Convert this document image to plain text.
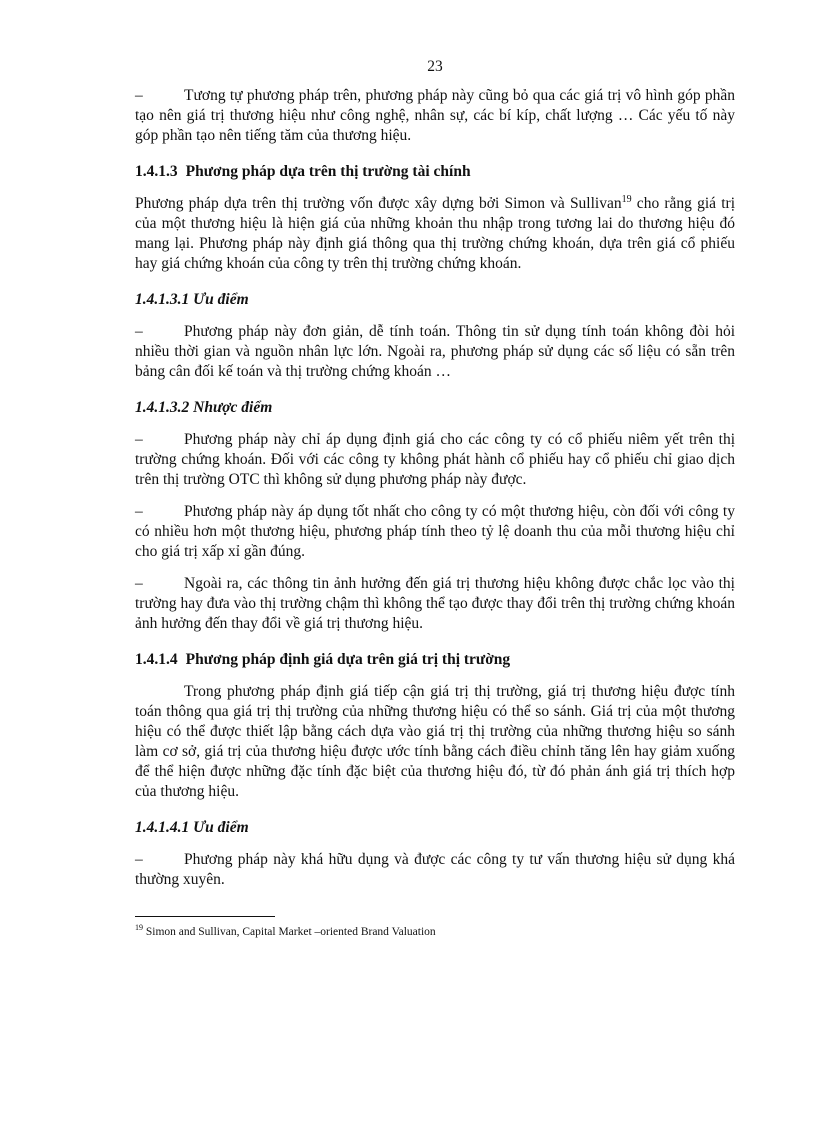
23

–	Tương tự phương pháp trên, phương pháp này cũng bỏ qua các giá trị vô hình góp phần tạo nên giá trị thương hiệu như công nghệ, nhân sự, các bí kíp, chất lượng … Các yếu tố này góp phần tạo nên tiếng tăm của thương hiệu.

1.4.1.3 Phương pháp dựa trên thị trường tài chính

Phương pháp dựa trên thị trường vốn được xây dựng bởi Simon và Sullivan$^{19}$ cho rằng giá trị của một thương hiệu là hiện giá của những khoản thu nhập trong tương lai do thương hiệu đó mang lại. Phương pháp này định giá thông qua thị trường chứng khoán, dựa trên giá cổ phiếu hay giá chứng khoán của công ty trên thị trường chứng khoán.

1.4.1.3.1 Ưu điểm

–	Phương pháp này đơn giản, dễ tính toán. Thông tin sử dụng tính toán không đòi hỏi nhiều thời gian và nguồn nhân lực lớn. Ngoài ra, phương pháp sử dụng các số liệu có sẵn trên bảng cân đối kế toán và thị trường chứng khoán …

1.4.1.3.2 Nhược điểm

–	Phương pháp này chỉ áp dụng định giá cho các công ty có cổ phiếu niêm yết trên thị trường chứng khoán. Đối với các công ty không phát hành cổ phiếu hay cổ phiếu chỉ giao dịch trên thị trường OTC thì không sử dụng phương pháp này được.

–	Phương pháp này áp dụng tốt nhất cho công ty có một thương hiệu, còn đối với công ty có nhiều hơn một thương hiệu, phương pháp tính theo tỷ lệ doanh thu của mỗi thương hiệu chỉ cho giá trị xấp xỉ gần đúng.

–	Ngoài ra, các thông tin ảnh hưởng đến giá trị thương hiệu không được chắc lọc vào thị trường hay đưa vào thị trường chậm thì không thể tạo được thay đổi trên thị trường chứng khoán ảnh hưởng đến thay đổi về giá trị thương hiệu.

1.4.1.4 Phương pháp định giá dựa trên giá trị thị trường

Trong phương pháp định giá tiếp cận giá trị thị trường, giá trị thương hiệu được tính toán thông qua giá trị thị trường của những thương hiệu có thể so sánh. Giá trị của một thương hiệu có thể được thiết lập bằng cách dựa vào giá trị thị trường của những thương hiệu so sánh làm cơ sở, giá trị của thương hiệu được ước tính bằng cách điều chỉnh tăng lên hay giảm xuống để thể hiện được những đặc tính đặc biệt của thương hiệu đó, từ đó phản ánh giá trị thích hợp của thương hiệu.

1.4.1.4.1 Ưu điểm

–	Phương pháp này khá hữu dụng và được các công ty tư vấn thương hiệu sử dụng khá thường xuyên.

$^{19}$ Simon and Sullivan, Capital Market –oriented Brand Valuation
